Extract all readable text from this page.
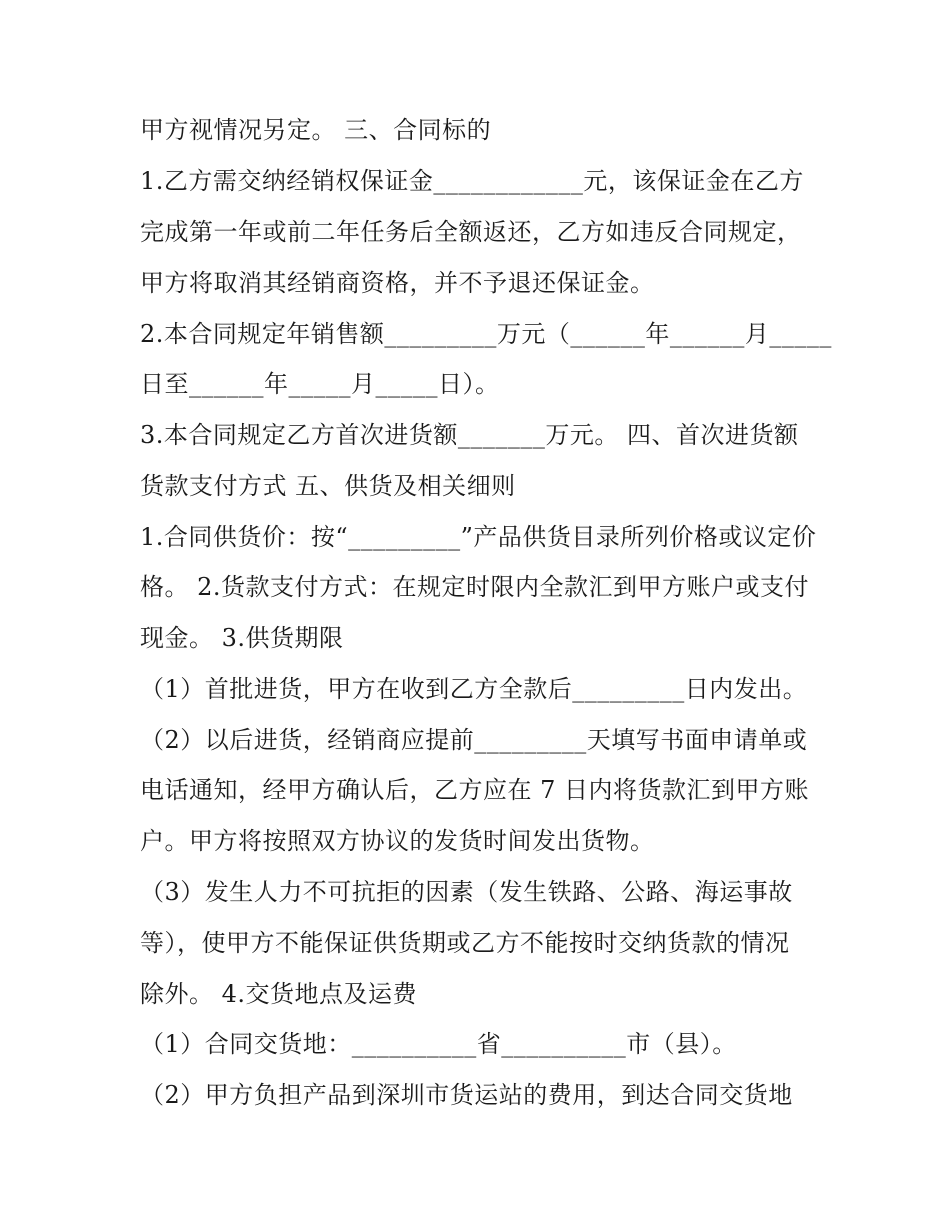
甲方视情况另定。 三、合同标的
1.乙方需交纳经销权保证金____________元，该保证金在乙方
完成第一年或前二年任务后全额返还，乙方如违反合同规定，
甲方将取消其经销商资格，并不予退还保证金。
2.本合同规定年销售额_________万元（______年______月_____
日至______年_____月_____日）。
3.本合同规定乙方首次进货额_______万元。 四、首次进货额
货款支付方式 五、供货及相关细则
1.合同供货价：按“_________”产品供货目录所列价格或议定价
格。 2.货款支付方式：在规定时限内全款汇到甲方账户或支付
现金。 3.供货期限
（1）首批进货，甲方在收到乙方全款后_________日内发出。
（2）以后进货，经销商应提前_________天填写书面申请单或
电话通知，经甲方确认后，乙方应在 7 日内将货款汇到甲方账
户。甲方将按照双方协议的发货时间发出货物。
（3）发生人力不可抗拒的因素（发生铁路、公路、海运事故
等），使甲方不能保证供货期或乙方不能按时交纳货款的情况
除外。 4.交货地点及运费
（1）合同交货地：__________省__________市（县）。
（2）甲方负担产品到深圳市货运站的费用，到达合同交货地
